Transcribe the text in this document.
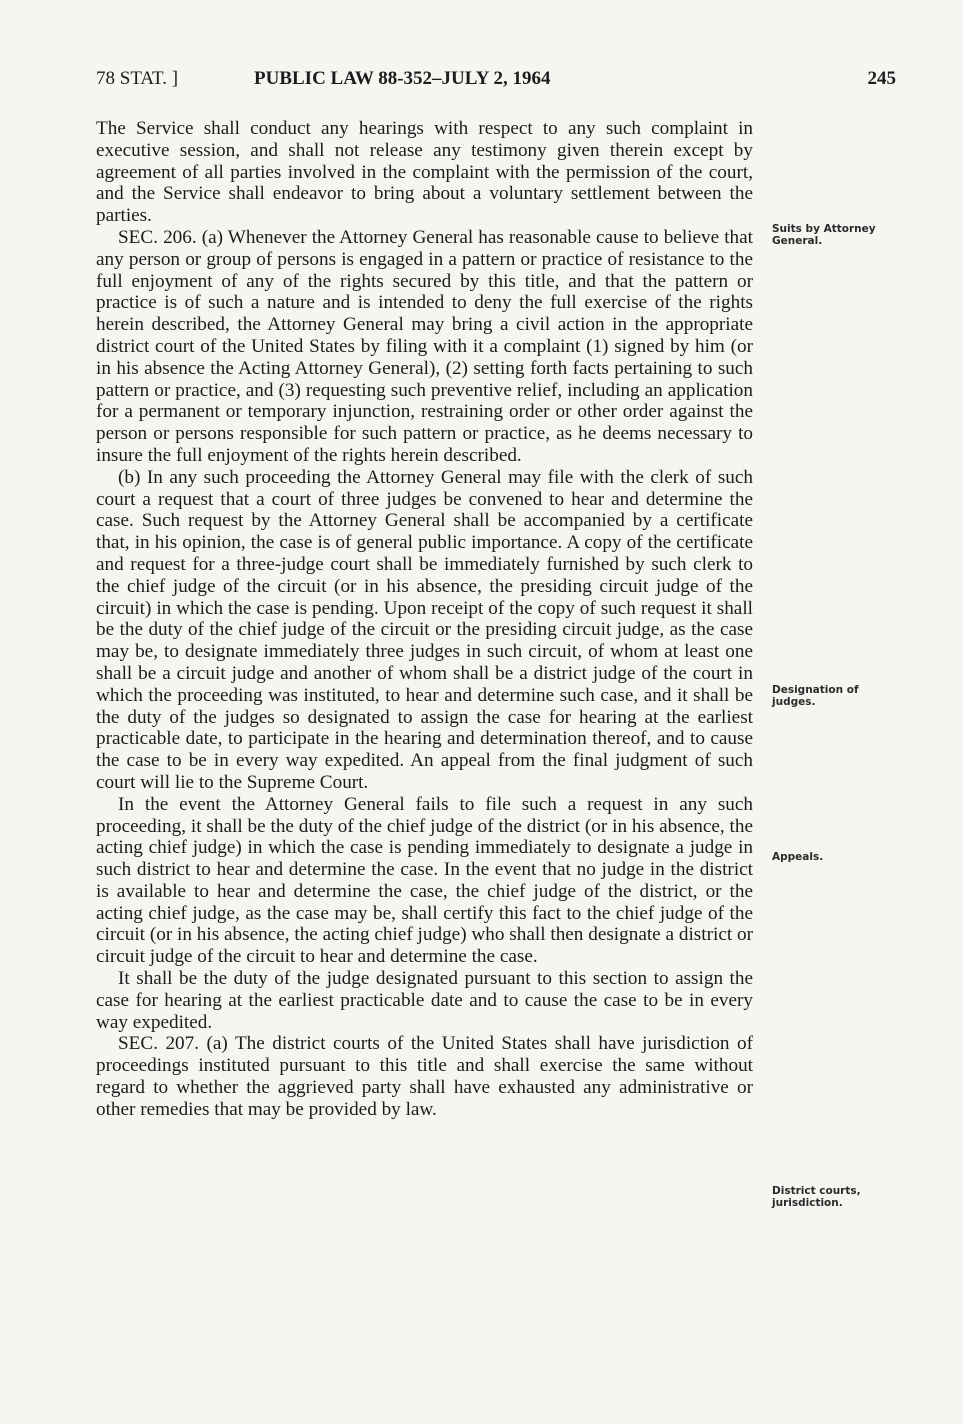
78 STAT. ]	PUBLIC LAW 88-352–JULY 2, 1964	245

The Service shall conduct any hearings with respect to any such complaint in executive session, and shall not release any testimony given therein except by agreement of all parties involved in the complaint with the permission of the court, and the Service shall endeavor to bring about a voluntary settlement between the parties.

SEC. 206. (a) Whenever the Attorney General has reasonable cause to believe that any person or group of persons is engaged in a pattern or practice of resistance to the full enjoyment of any of the rights secured by this title, and that the pattern or practice is of such a nature and is intended to deny the full exercise of the rights herein described, the Attorney General may bring a civil action in the appropriate district court of the United States by filing with it a complaint (1) signed by him (or in his absence the Acting Attorney General), (2) setting forth facts pertaining to such pattern or practice, and (3) requesting such preventive relief, including an application for a permanent or temporary injunction, restraining order or other order against the person or persons responsible for such pattern or practice, as he deems necessary to insure the full enjoyment of the rights herein described.

(b) In any such proceeding the Attorney General may file with the clerk of such court a request that a court of three judges be convened to hear and determine the case. Such request by the Attorney General shall be accompanied by a certificate that, in his opinion, the case is of general public importance. A copy of the certificate and request for a three-judge court shall be immediately furnished by such clerk to the chief judge of the circuit (or in his absence, the presiding circuit judge of the circuit) in which the case is pending. Upon receipt of the copy of such request it shall be the duty of the chief judge of the circuit or the presiding circuit judge, as the case may be, to designate immediately three judges in such circuit, of whom at least one shall be a circuit judge and another of whom shall be a district judge of the court in which the proceeding was instituted, to hear and determine such case, and it shall be the duty of the judges so designated to assign the case for hearing at the earliest practicable date, to participate in the hearing and determination thereof, and to cause the case to be in every way expedited. An appeal from the final judgment of such court will lie to the Supreme Court.

In the event the Attorney General fails to file such a request in any such proceeding, it shall be the duty of the chief judge of the district (or in his absence, the acting chief judge) in which the case is pending immediately to designate a judge in such district to hear and determine the case. In the event that no judge in the district is available to hear and determine the case, the chief judge of the district, or the acting chief judge, as the case may be, shall certify this fact to the chief judge of the circuit (or in his absence, the acting chief judge) who shall then designate a district or circuit judge of the circuit to hear and determine the case.

It shall be the duty of the judge designated pursuant to this section to assign the case for hearing at the earliest practicable date and to cause the case to be in every way expedited.

SEC. 207. (a) The district courts of the United States shall have jurisdiction of proceedings instituted pursuant to this title and shall exercise the same without regard to whether the aggrieved party shall have exhausted any administrative or other remedies that may be provided by law.

Suits by Attorney General.
Designation of judges.
Appeals.
District courts, jurisdiction.
